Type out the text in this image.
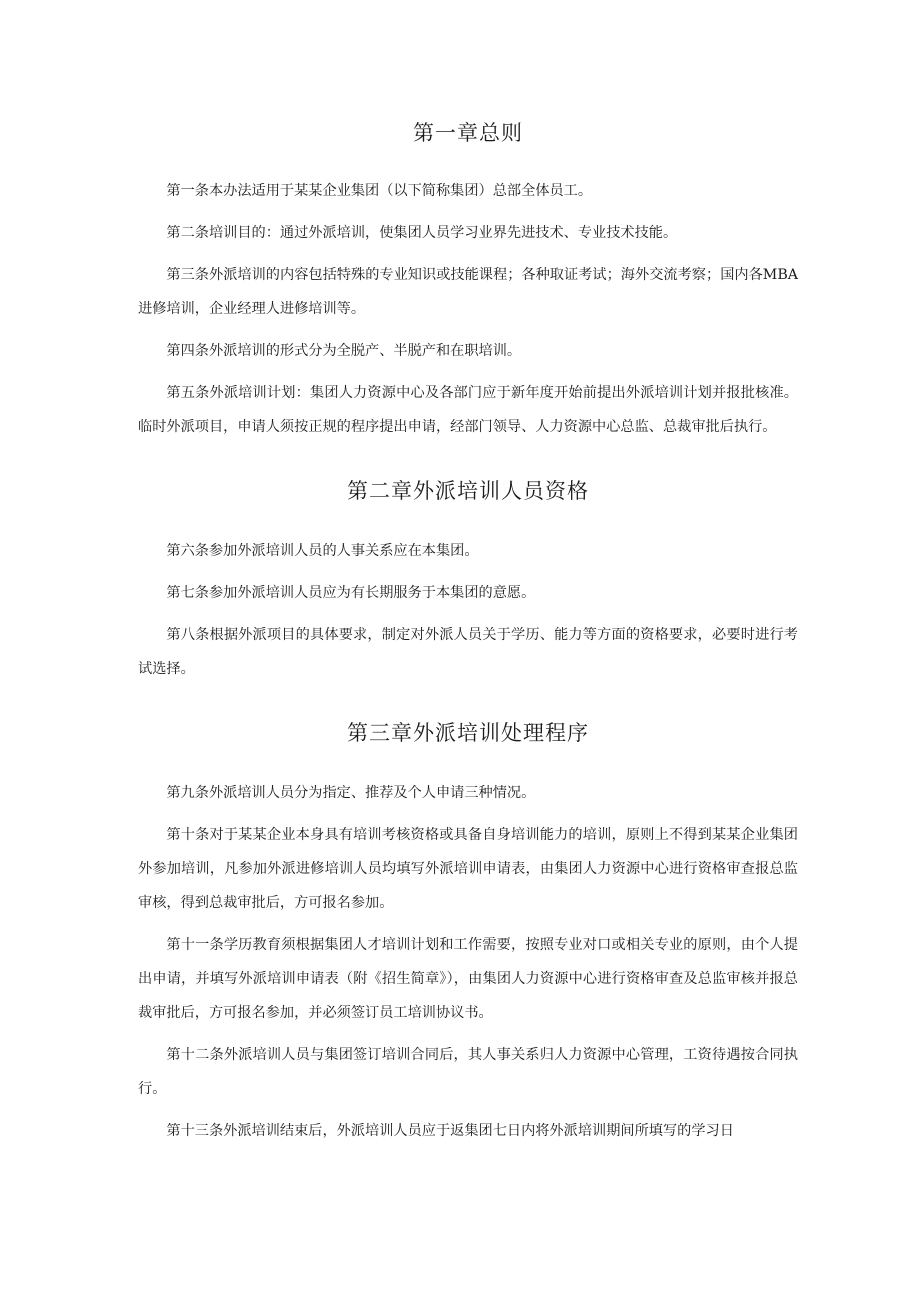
第一章总则

第一条本办法适用于某某企业集团（以下简称集团）总部全体员工。

第二条培训目的：通过外派培训，使集团人员学习业界先进技术、专业技术技能。

第三条外派培训的内容包括特殊的专业知识或技能课程；各种取证考试；海外交流考察；国内各MBA进修培训，企业经理人进修培训等。

第四条外派培训的形式分为全脱产、半脱产和在职培训。

第五条外派培训计划：集团人力资源中心及各部门应于新年度开始前提出外派培训计划并报批核准。临时外派项目，申请人须按正规的程序提出申请，经部门领导、人力资源中心总监、总裁审批后执行。

第二章外派培训人员资格

第六条参加外派培训人员的人事关系应在本集团。

第七条参加外派培训人员应为有长期服务于本集团的意愿。

第八条根据外派项目的具体要求，制定对外派人员关于学历、能力等方面的资格要求，必要时进行考试选择。

第三章外派培训处理程序

第九条外派培训人员分为指定、推荐及个人申请三种情况。

第十条对于某某企业本身具有培训考核资格或具备自身培训能力的培训，原则上不得到某某企业集团外参加培训，凡参加外派进修培训人员均填写外派培训申请表，由集团人力资源中心进行资格审查报总监审核，得到总裁审批后，方可报名参加。

第十一条学历教育须根据集团人才培训计划和工作需要，按照专业对口或相关专业的原则，由个人提出申请，并填写外派培训申请表（附《招生简章》），由集团人力资源中心进行资格审查及总监审核并报总裁审批后，方可报名参加，并必须签订员工培训协议书。

第十二条外派培训人员与集团签订培训合同后，其人事关系归人力资源中心管理，工资待遇按合同执行。

第十三条外派培训结束后，外派培训人员应于返集团七日内将外派培训期间所填写的学习日
